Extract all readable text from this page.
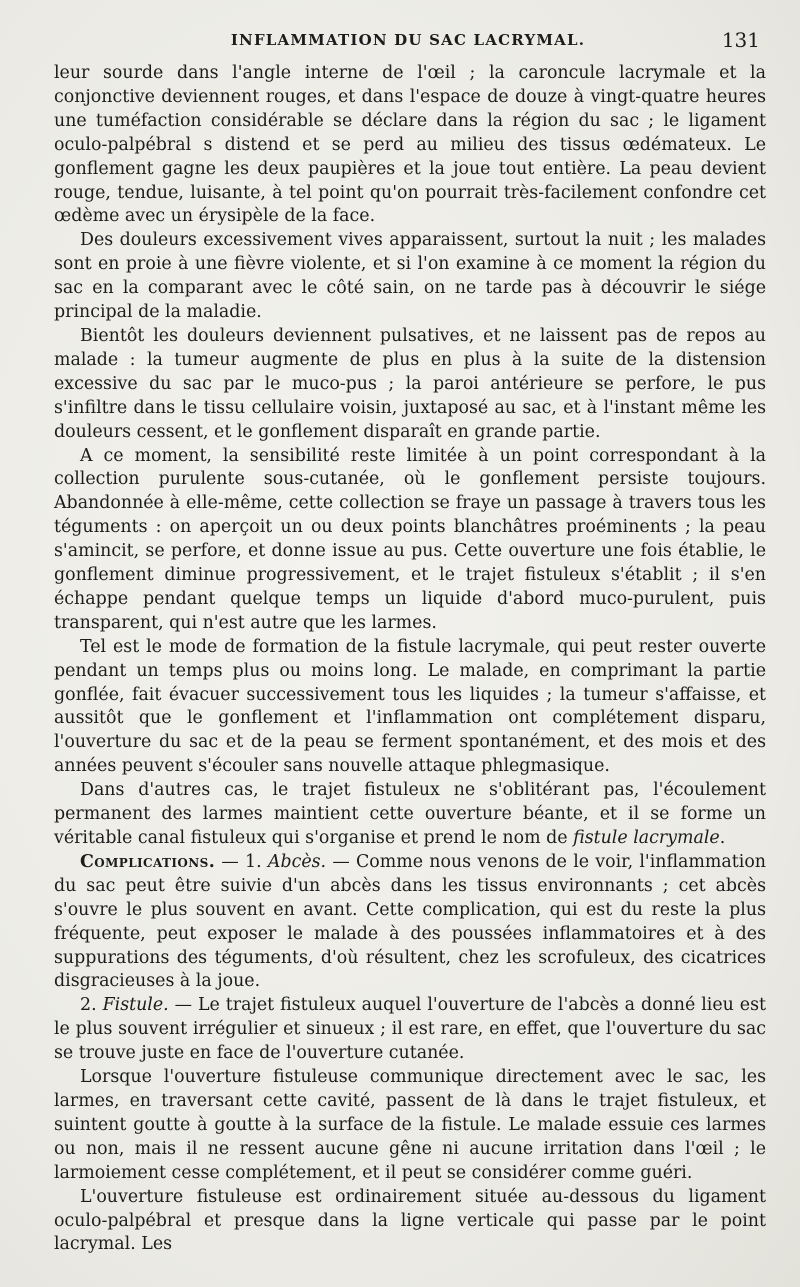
INFLAMMATION DU SAC LACRYMAL.	131

leur sourde dans l'angle interne de l'œil ; la caroncule lacrymale et la conjonctive deviennent rouges, et dans l'espace de douze à vingt-quatre heures une tuméfaction considérable se déclare dans la région du sac ; le ligament oculo-palpébral s distend et se perd au milieu des tissus œdémateux. Le gonflement gagne les deux paupières et la joue tout entière. La peau devient rouge, tendue, luisante, à tel point qu'on pourrait très-facilement confondre cet œdème avec un érysipèle de la face.

Des douleurs excessivement vives apparaissent, surtout la nuit ; les malades sont en proie à une fièvre violente, et si l'on examine à ce moment la région du sac en la comparant avec le côté sain, on ne tarde pas à découvrir le siége principal de la maladie.

Bientôt les douleurs deviennent pulsatives, et ne laissent pas de repos au malade : la tumeur augmente de plus en plus à la suite de la distension excessive du sac par le muco-pus ; la paroi antérieure se perfore, le pus s'infiltre dans le tissu cellulaire voisin, juxtaposé au sac, et à l'instant même les douleurs cessent, et le gonflement disparaît en grande partie.

A ce moment, la sensibilité reste limitée à un point correspondant à la collection purulente sous-cutanée, où le gonflement persiste toujours. Abandonnée à elle-même, cette collection se fraye un passage à travers tous les téguments : on aperçoit un ou deux points blanchâtres proéminents ; la peau s'amincit, se perfore, et donne issue au pus. Cette ouverture une fois établie, le gonflement diminue progressivement, et le trajet fistuleux s'établit ; il s'en échappe pendant quelque temps un liquide d'abord muco-purulent, puis transparent, qui n'est autre que les larmes.

Tel est le mode de formation de la fistule lacrymale, qui peut rester ouverte pendant un temps plus ou moins long. Le malade, en comprimant la partie gonflée, fait évacuer successivement tous les liquides ; la tumeur s'affaisse, et aussitôt que le gonflement et l'inflammation ont complétement disparu, l'ouverture du sac et de la peau se ferment spontanément, et des mois et des années peuvent s'écouler sans nouvelle attaque phlegmasique.

Dans d'autres cas, le trajet fistuleux ne s'oblitérant pas, l'écoulement permanent des larmes maintient cette ouverture béante, et il se forme un véritable canal fistuleux qui s'organise et prend le nom de fistule lacrymale.

Complications. — 1. Abcès. — Comme nous venons de le voir, l'inflammation du sac peut être suivie d'un abcès dans les tissus environnants ; cet abcès s'ouvre le plus souvent en avant. Cette complication, qui est du reste la plus fréquente, peut exposer le malade à des poussées inflammatoires et à des suppurations des téguments, d'où résultent, chez les scrofuleux, des cicatrices disgracieuses à la joue.

2. Fistule. — Le trajet fistuleux auquel l'ouverture de l'abcès a donné lieu est le plus souvent irrégulier et sinueux ; il est rare, en effet, que l'ouverture du sac se trouve juste en face de l'ouverture cutanée.

Lorsque l'ouverture fistuleuse communique directement avec le sac, les larmes, en traversant cette cavité, passent de là dans le trajet fistuleux, et suintent goutte à goutte à la surface de la fistule. Le malade essuie ces larmes ou non, mais il ne ressent aucune gêne ni aucune irritation dans l'œil ; le larmoiement cesse complétement, et il peut se considérer comme guéri.

L'ouverture fistuleuse est ordinairement située au-dessous du ligament oculo-palpébral et presque dans la ligne verticale qui passe par le point lacrymal. Les
